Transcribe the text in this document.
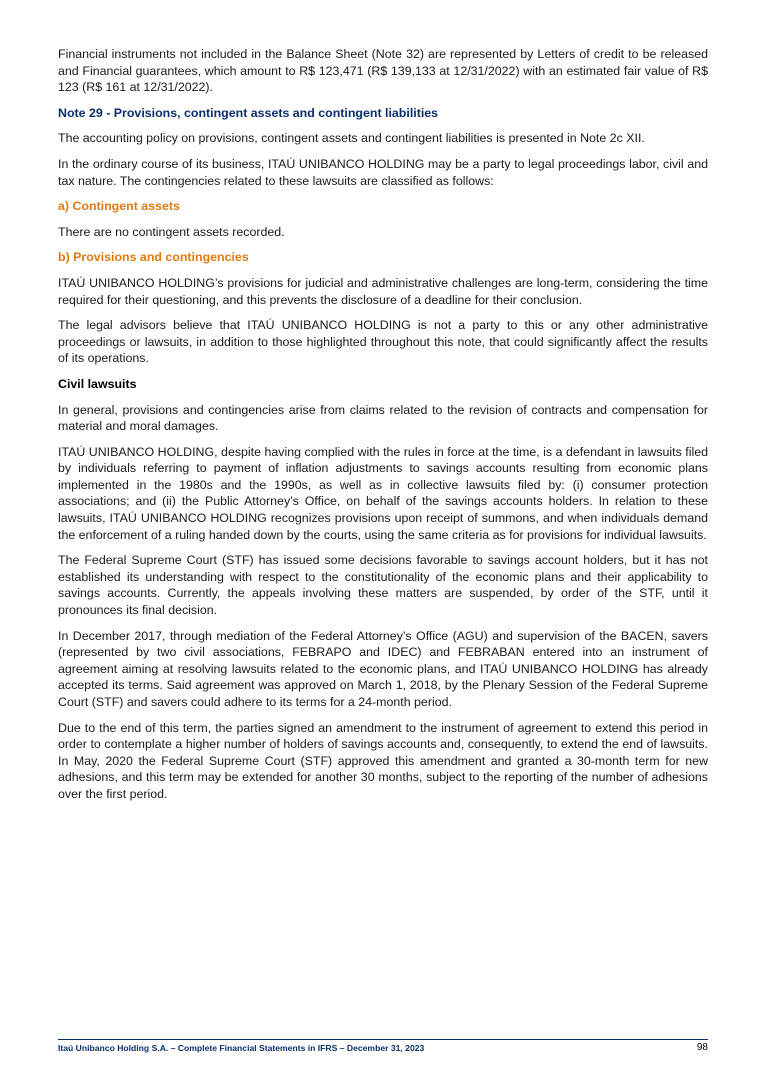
Financial instruments not included in the Balance Sheet (Note 32) are represented by Letters of credit to be released and Financial guarantees, which amount to R$ 123,471 (R$ 139,133 at 12/31/2022) with an estimated fair value of R$ 123 (R$ 161 at 12/31/2022).

Note 29 - Provisions, contingent assets and contingent liabilities

The accounting policy on provisions, contingent assets and contingent liabilities is presented in Note 2c XII.

In the ordinary course of its business, ITAÚ UNIBANCO HOLDING may be a party to legal proceedings labor, civil and tax nature. The contingencies related to these lawsuits are classified as follows:

a) Contingent assets

There are no contingent assets recorded.

b) Provisions and contingencies

ITAÚ UNIBANCO HOLDING’s provisions for judicial and administrative challenges are long-term, considering the time required for their questioning, and this prevents the disclosure of a deadline for their conclusion.

The legal advisors believe that ITAÚ UNIBANCO HOLDING is not a party to this or any other administrative proceedings or lawsuits, in addition to those highlighted throughout this note, that could significantly affect the results of its operations.

Civil lawsuits

In general, provisions and contingencies arise from claims related to the revision of contracts and compensation for material and moral damages.

ITAÚ UNIBANCO HOLDING, despite having complied with the rules in force at the time, is a defendant in lawsuits filed by individuals referring to payment of inflation adjustments to savings accounts resulting from economic plans implemented in the 1980s and the 1990s, as well as in collective lawsuits filed by: (i) consumer protection associations; and (ii) the Public Attorney’s Office, on behalf of the savings accounts holders. In relation to these lawsuits, ITAÚ UNIBANCO HOLDING recognizes provisions upon receipt of summons, and when individuals demand the enforcement of a ruling handed down by the courts, using the same criteria as for provisions for individual lawsuits.

The Federal Supreme Court (STF) has issued some decisions favorable to savings account holders, but it has not established its understanding with respect to the constitutionality of the economic plans and their applicability to savings accounts. Currently, the appeals involving these matters are suspended, by order of the STF, until it pronounces its final decision.

In December 2017, through mediation of the Federal Attorney’s Office (AGU) and supervision of the BACEN, savers (represented by two civil associations, FEBRAPO and IDEC) and FEBRABAN entered into an instrument of agreement aiming at resolving lawsuits related to the economic plans, and ITAÚ UNIBANCO HOLDING has already accepted its terms. Said agreement was approved on March 1, 2018, by the Plenary Session of the Federal Supreme Court (STF) and savers could adhere to its terms for a 24-month period.

Due to the end of this term, the parties signed an amendment to the instrument of agreement to extend this period in order to contemplate a higher number of holders of savings accounts and, consequently, to extend the end of lawsuits. In May, 2020 the Federal Supreme Court (STF) approved this amendment and granted a 30-month term for new adhesions, and this term may be extended for another 30 months, subject to the reporting of the number of adhesions over the first period.

Itaú Unibanco Holding S.A. – Complete Financial Statements in IFRS – December 31, 2023	98
